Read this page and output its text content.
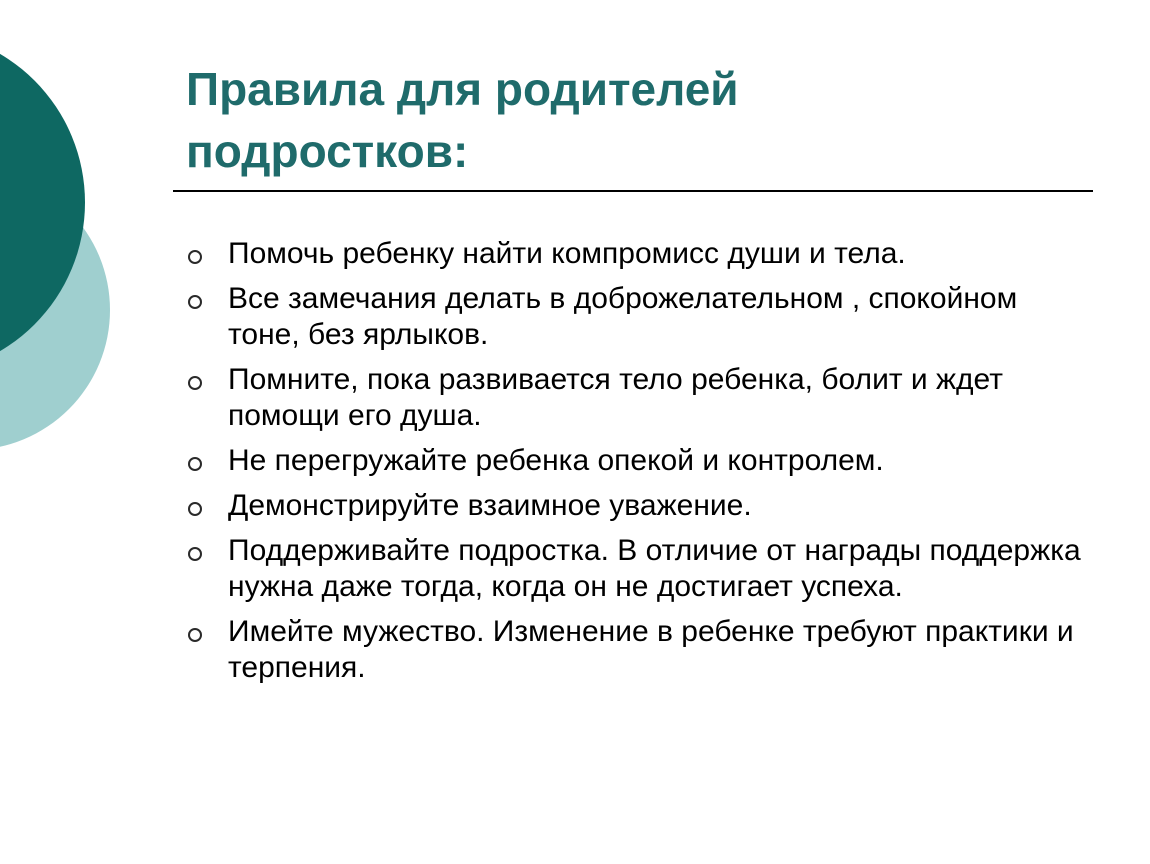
Правила для родителей
подростков:
Помочь ребенку найти компромисс души и тела.
Все замечания делать в доброжелательном , спокойном тоне, без ярлыков.
Помните, пока развивается тело ребенка, болит и ждет помощи его душа.
Не перегружайте ребенка опекой и контролем.
Демонстрируйте взаимное уважение.
Поддерживайте подростка. В отличие от награды поддержка нужна даже тогда, когда он не достигает успеха.
Имейте мужество. Изменение в ребенке требуют практики и терпения.
